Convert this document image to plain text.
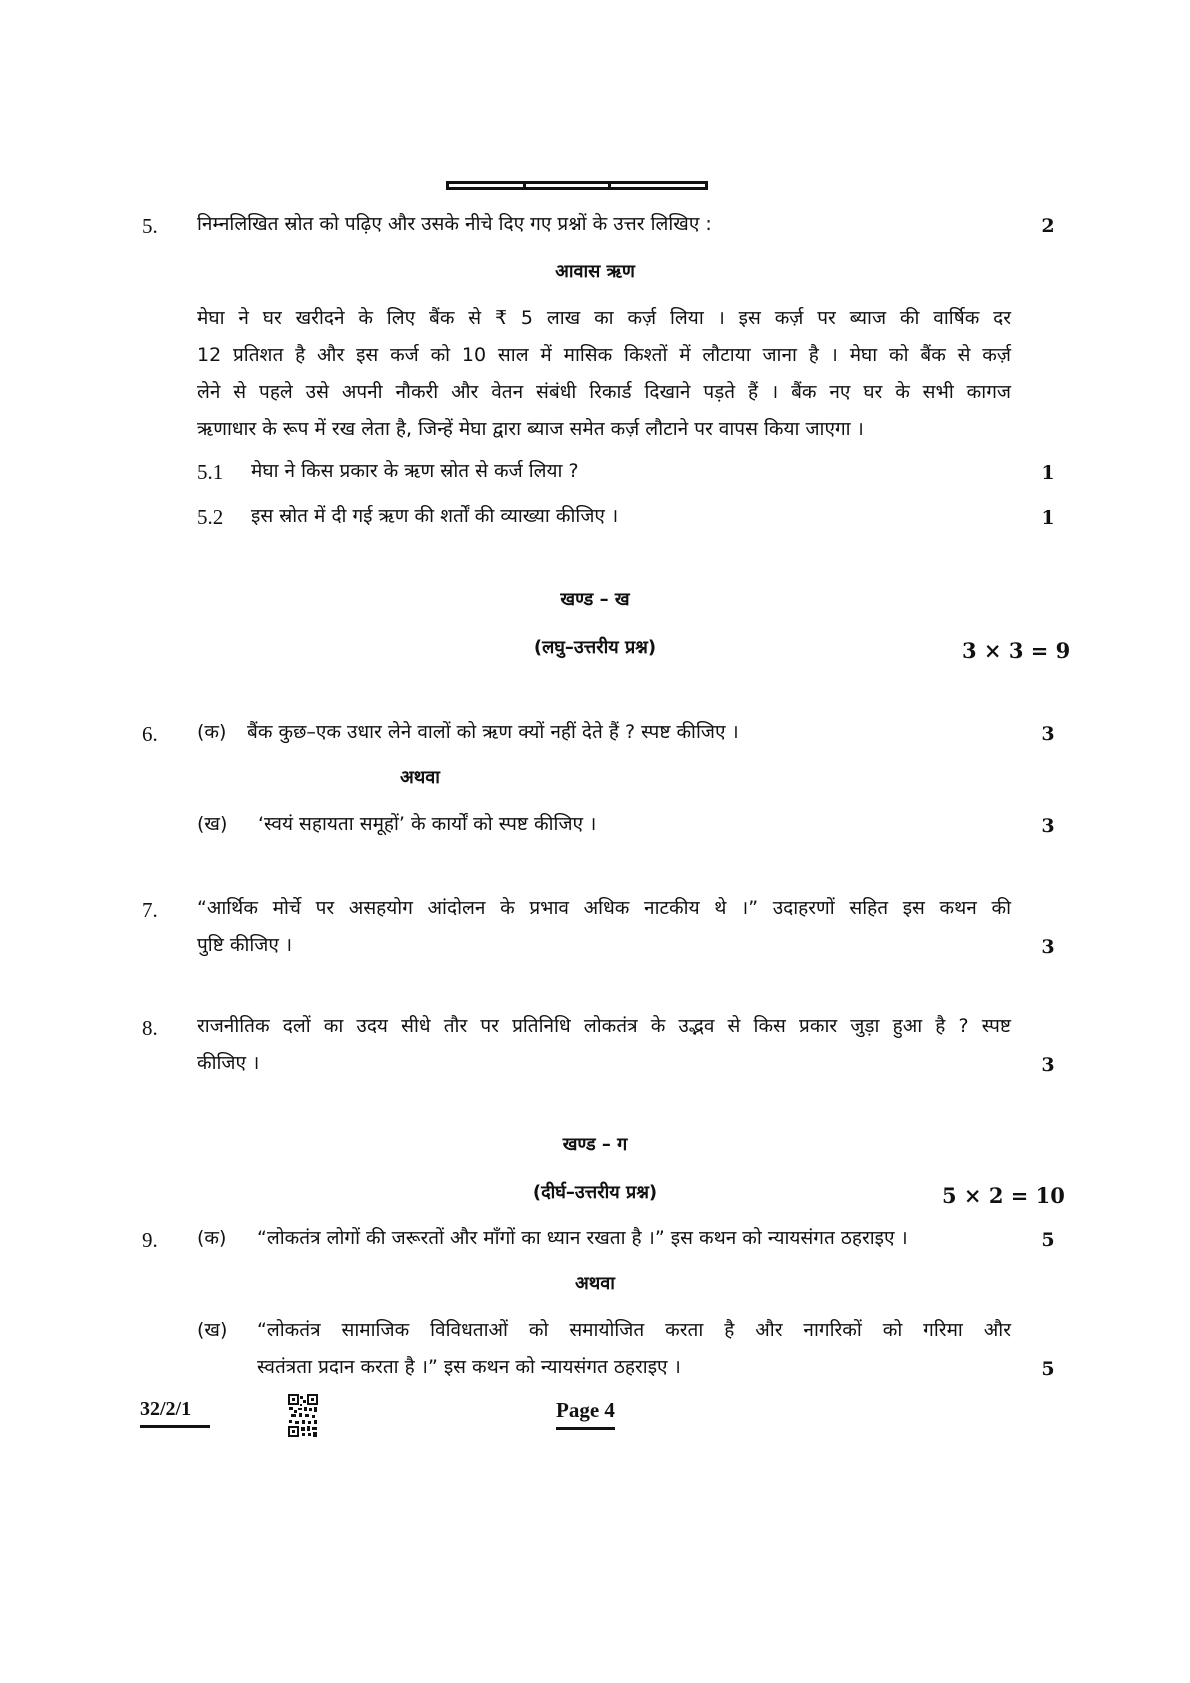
5. निम्नलिखित स्रोत को पढ़िए और उसके नीचे दिए गए प्रश्नों के उत्तर लिखिए :	2
आवास ऋण
मेघा ने घर खरीदने के लिए बैंक से ₹ 5 लाख का कर्ज़ लिया । इस कर्ज़ पर ब्याज की वार्षिक दर
12 प्रतिशत है और इस कर्ज को 10 साल में मासिक किश्तों में लौटाया जाना है । मेघा को बैंक से कर्ज़
लेने से पहले उसे अपनी नौकरी और वेतन संबंधी रिकार्ड दिखाने पड़ते हैं । बैंक नए घर के सभी कागज
ऋणाधार के रूप में रख लेता है, जिन्हें मेघा द्वारा ब्याज समेत कर्ज़ लौटाने पर वापस किया जाएगा ।
5.1 मेघा ने किस प्रकार के ऋण स्रोत से कर्ज लिया ?	1
5.2 इस स्रोत में दी गई ऋण की शर्तों की व्याख्या कीजिए ।	1
खण्ड – ख
(लघु–उत्तरीय प्रश्न)	3 × 3 = 9
6. (क) बैंक कुछ–एक उधार लेने वालों को ऋण क्यों नहीं देते हैं ? स्पष्ट कीजिए ।	3
अथवा
(ख) ‘स्वयं सहायता समूहों’ के कार्यों को स्पष्ट कीजिए ।	3
7. “आर्थिक मोर्चे पर असहयोग आंदोलन के प्रभाव अधिक नाटकीय थे ।” उदाहरणों सहित इस कथन की
पुष्टि कीजिए ।	3
8. राजनीतिक दलों का उदय सीधे तौर पर प्रतिनिधि लोकतंत्र के उद्भव से किस प्रकार जुड़ा हुआ है ? स्पष्ट
कीजिए ।	3
खण्ड – ग
(दीर्घ–उत्तरीय प्रश्न)	5 × 2 = 10
9. (क) “लोकतंत्र लोगों की जरूरतों और माँगों का ध्यान रखता है ।” इस कथन को न्यायसंगत ठहराइए ।	5
अथवा
(ख) “लोकतंत्र सामाजिक विविधताओं को समायोजित करता है और नागरिकों को गरिमा और
स्वतंत्रता प्रदान करता है ।” इस कथन को न्यायसंगत ठहराइए ।	5
32/2/1	Page 4
